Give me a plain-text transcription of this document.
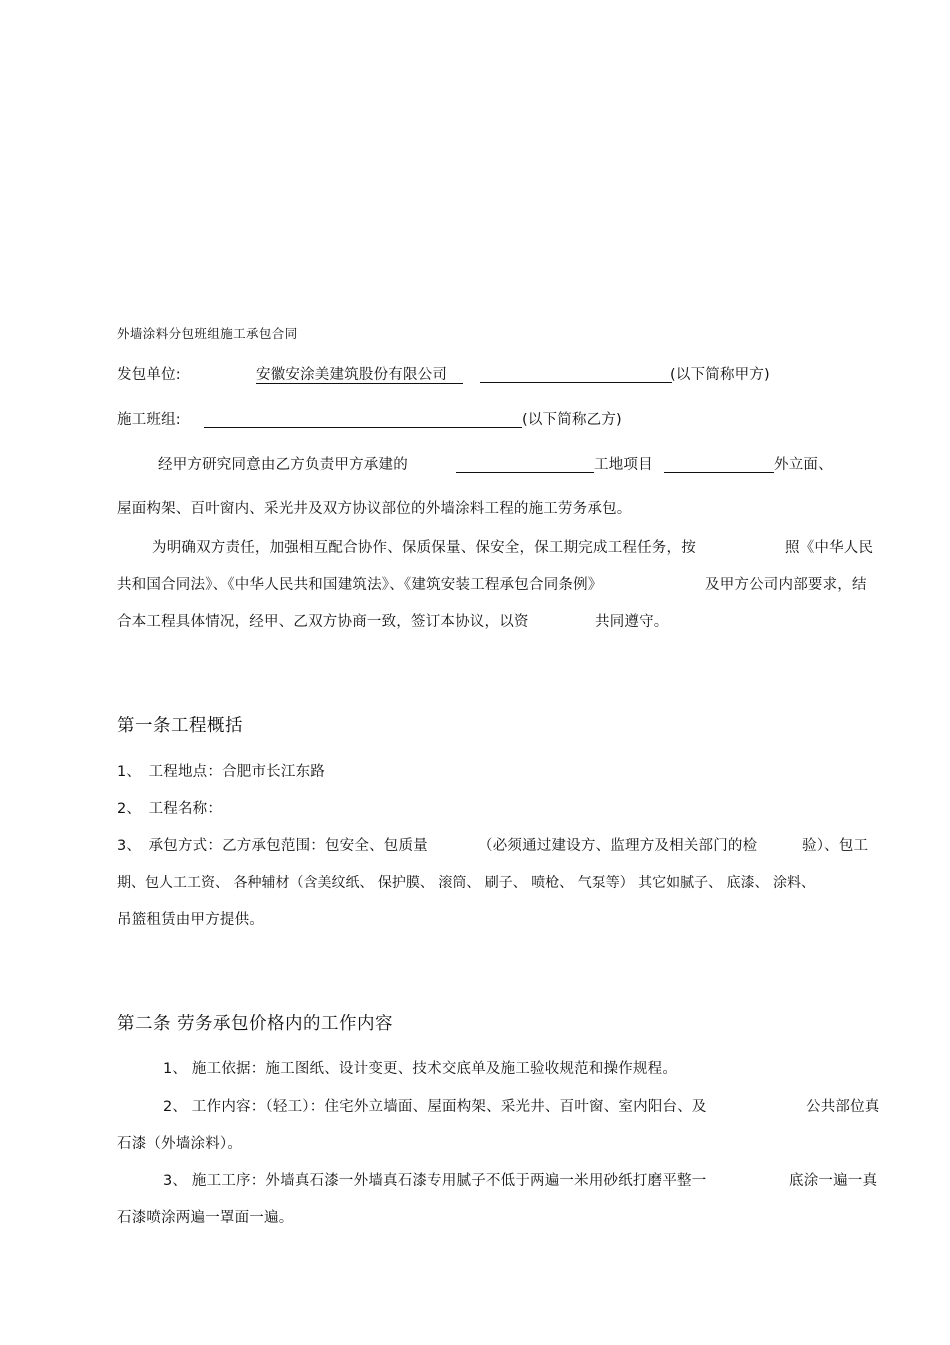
外墙涂料分包班组施工承包合同
发包单位:	安徽安涂美建筑股份有限公司	(以下简称甲方)
施工班组:	(以下简称乙方)
经甲方研究同意由乙方负责甲方承建的	工地项目	外立面、
屋面构架、百叶窗内、采光井及双方协议部位的外墙涂料工程的施工劳务承包。
为明确双方责任，加强相互配合协作、保质保量、保安全，保工期完成工程任务，按	照《中华人民
共和国合同法》、《中华人民共和国建筑法》、《建筑安装工程承包合同条例》	及甲方公司内部要求，结
合本工程具体情况，经甲、乙双方协商一致，签订本协议，以资	共同遵守。
第一条工程概括
1、　工程地点：合肥市长江东路
2、　工程名称：
3、　承包方式：乙方承包范围：包安全、包质量	（必须通过建设方、监理方及相关部门的检	验）、包工
期、包人工工资、 各种辅材（含美纹纸、 保护膜、 滚筒、 刷子、 喷枪、 气泵等） 其它如腻子、 底漆、 涂料、
吊篮租赁由甲方提供。
第二条 劳务承包价格内的工作内容
1、 施工依据：施工图纸、设计变更、技术交底单及施工验收规范和操作规程。
2、 工作内容：（轻工）：住宅外立墙面、屋面构架、采光井、百叶窗、室内阳台、及	公共部位真
石漆（外墙涂料）。
3、 施工工序：外墙真石漆一外墙真石漆专用腻子不低于两遍一米用砂纸打磨平整一	底涂一遍一真
石漆喷涂两遍一罩面一遍。
